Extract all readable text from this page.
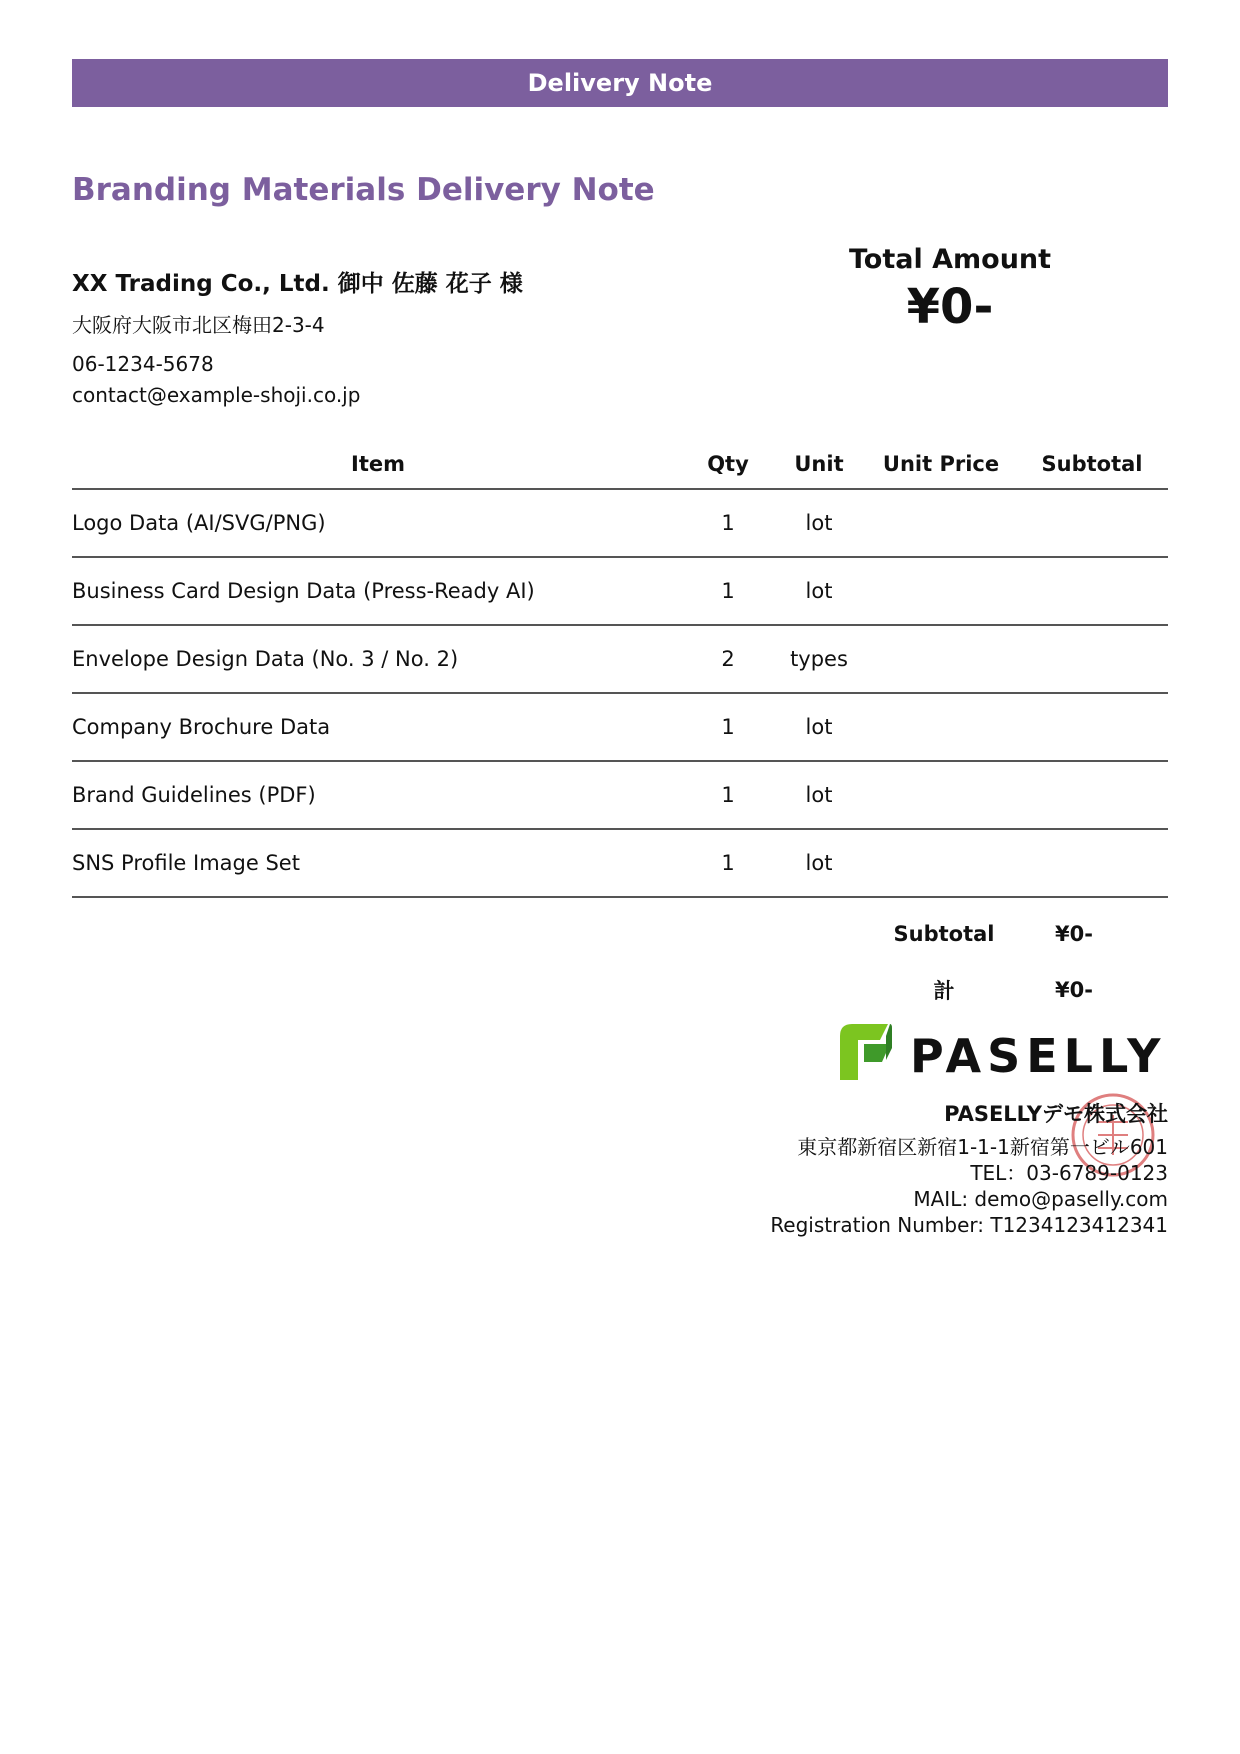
Delivery Note
Branding Materials Delivery Note
XX Trading Co., Ltd. 御中 佐藤 花子 様
大阪府大阪市北区梅田2-3-4
06-1234-5678
contact@example-shoji.co.jp
Total Amount
¥0-
Item	Qty	Unit	Unit Price	Subtotal
Logo Data (AI/SVG/PNG)	1	lot		
Business Card Design Data (Press-Ready AI)	1	lot		
Envelope Design Data (No. 3 / No. 2)	2	types		
Company Brochure Data	1	lot		
Brand Guidelines (PDF)	1	lot		
SNS Profile Image Set	1	lot		
Subtotal	¥0-
計	¥0-
PASELLY
PASELLYデモ株式会社
東京都新宿区新宿1-1-1新宿第一ビル601
TEL：03-6789-0123
MAIL: demo@paselly.com
Registration Number: T1234123412341
